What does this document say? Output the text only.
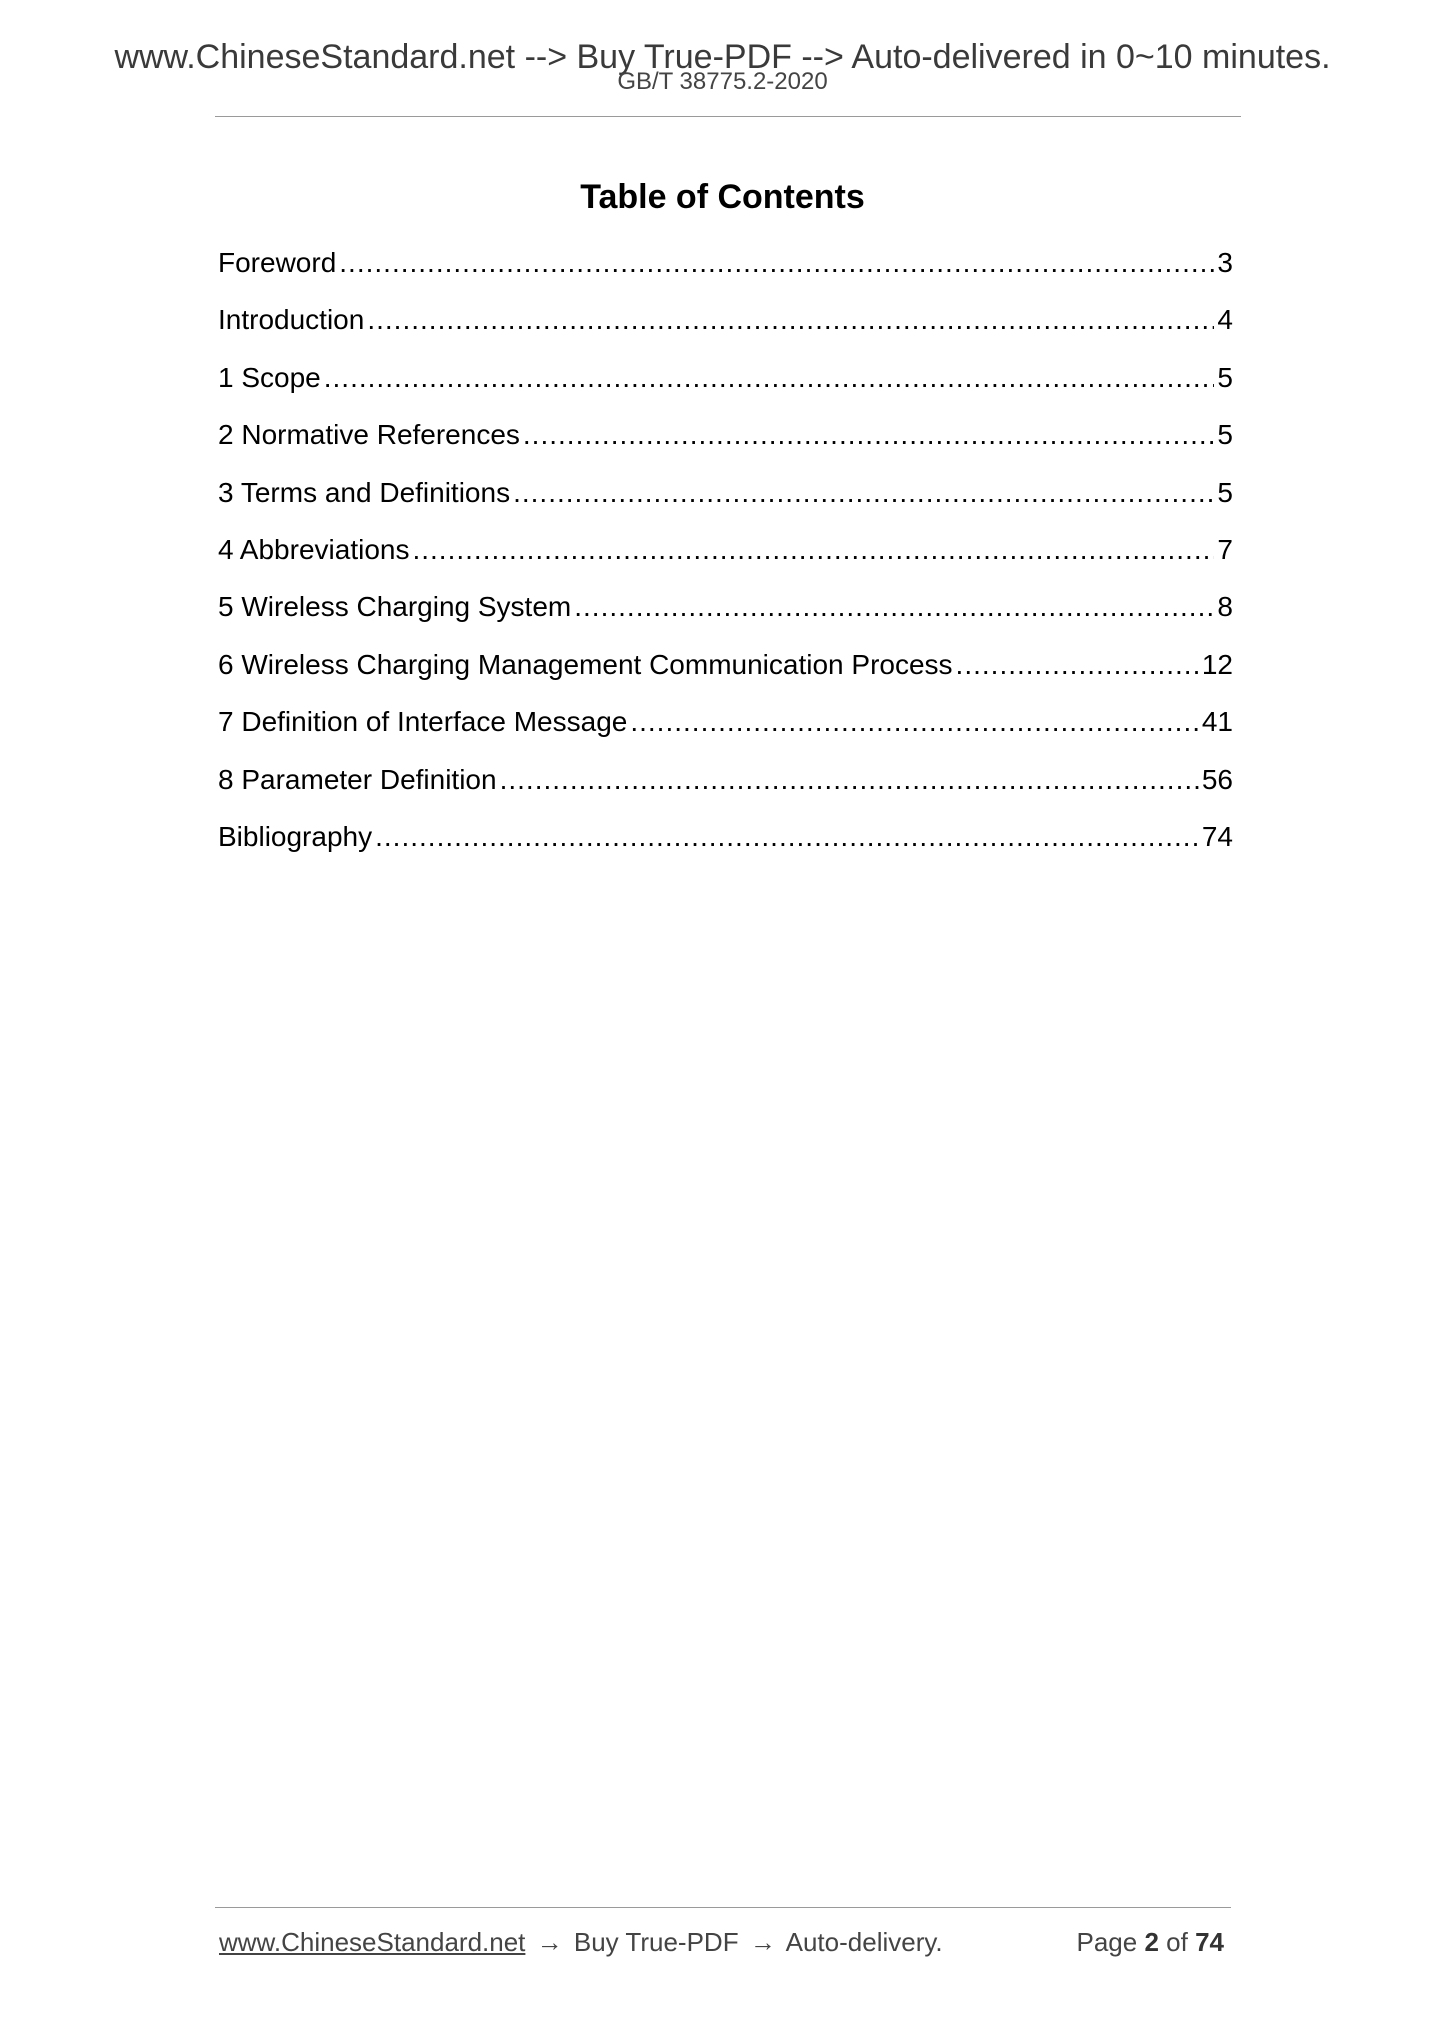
www.ChineseStandard.net --> Buy True-PDF --> Auto-delivered in 0~10 minutes.
GB/T 38775.2-2020
Table of Contents
Foreword .....	3
Introduction .....	4
1 Scope .....	5
2 Normative References .....	5
3 Terms and Definitions .....	5
4 Abbreviations .....	7
5 Wireless Charging System .....	8
6 Wireless Charging Management Communication Process .....	12
7 Definition of Interface Message .....	41
8 Parameter Definition .....	56
Bibliography .....	74
www.ChineseStandard.net → Buy True-PDF → Auto-delivery.	Page 2 of 74
